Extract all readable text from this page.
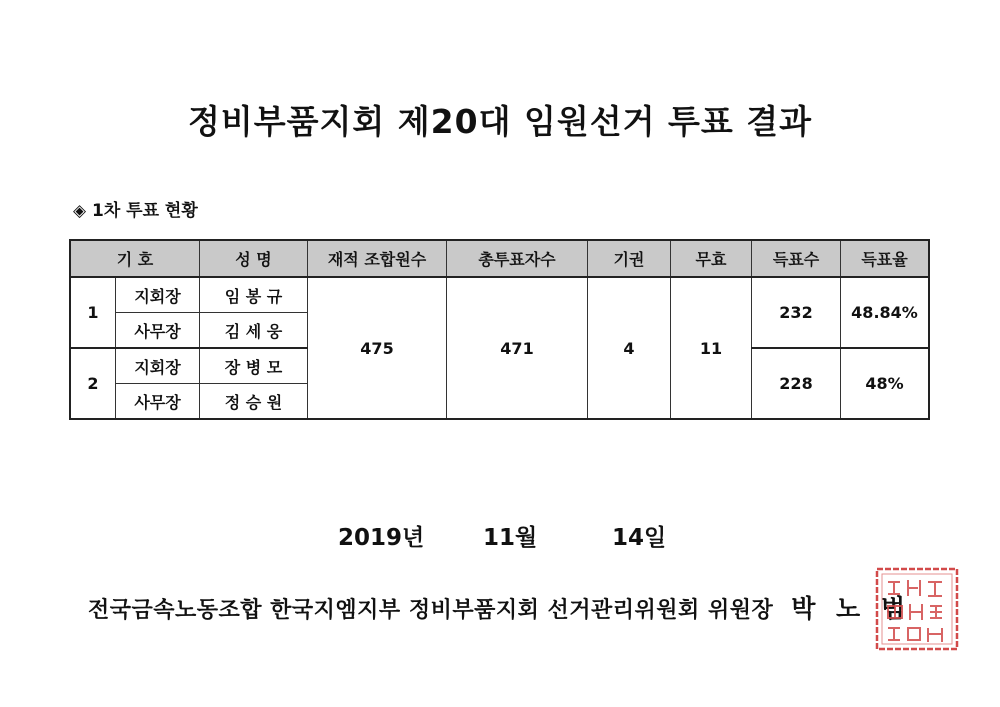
정비부품지회 제20대 임원선거 투표 결과
◈ 1차 투표 현황
기 호		성 명	재적 조합원수	총투표자수	기권	무효	득표수	득표율
1	지회장	임 봉 규	475	471	4	11	232	48.84%
	사무장	김 세 웅						
2	지회장	장 병 모					228	48%
	사무장	정 승 원						
2019년	11월	14일
전국금속노동조합 한국지엠지부 정비부품지회 선거관리위원회 위원장 박 노 범
